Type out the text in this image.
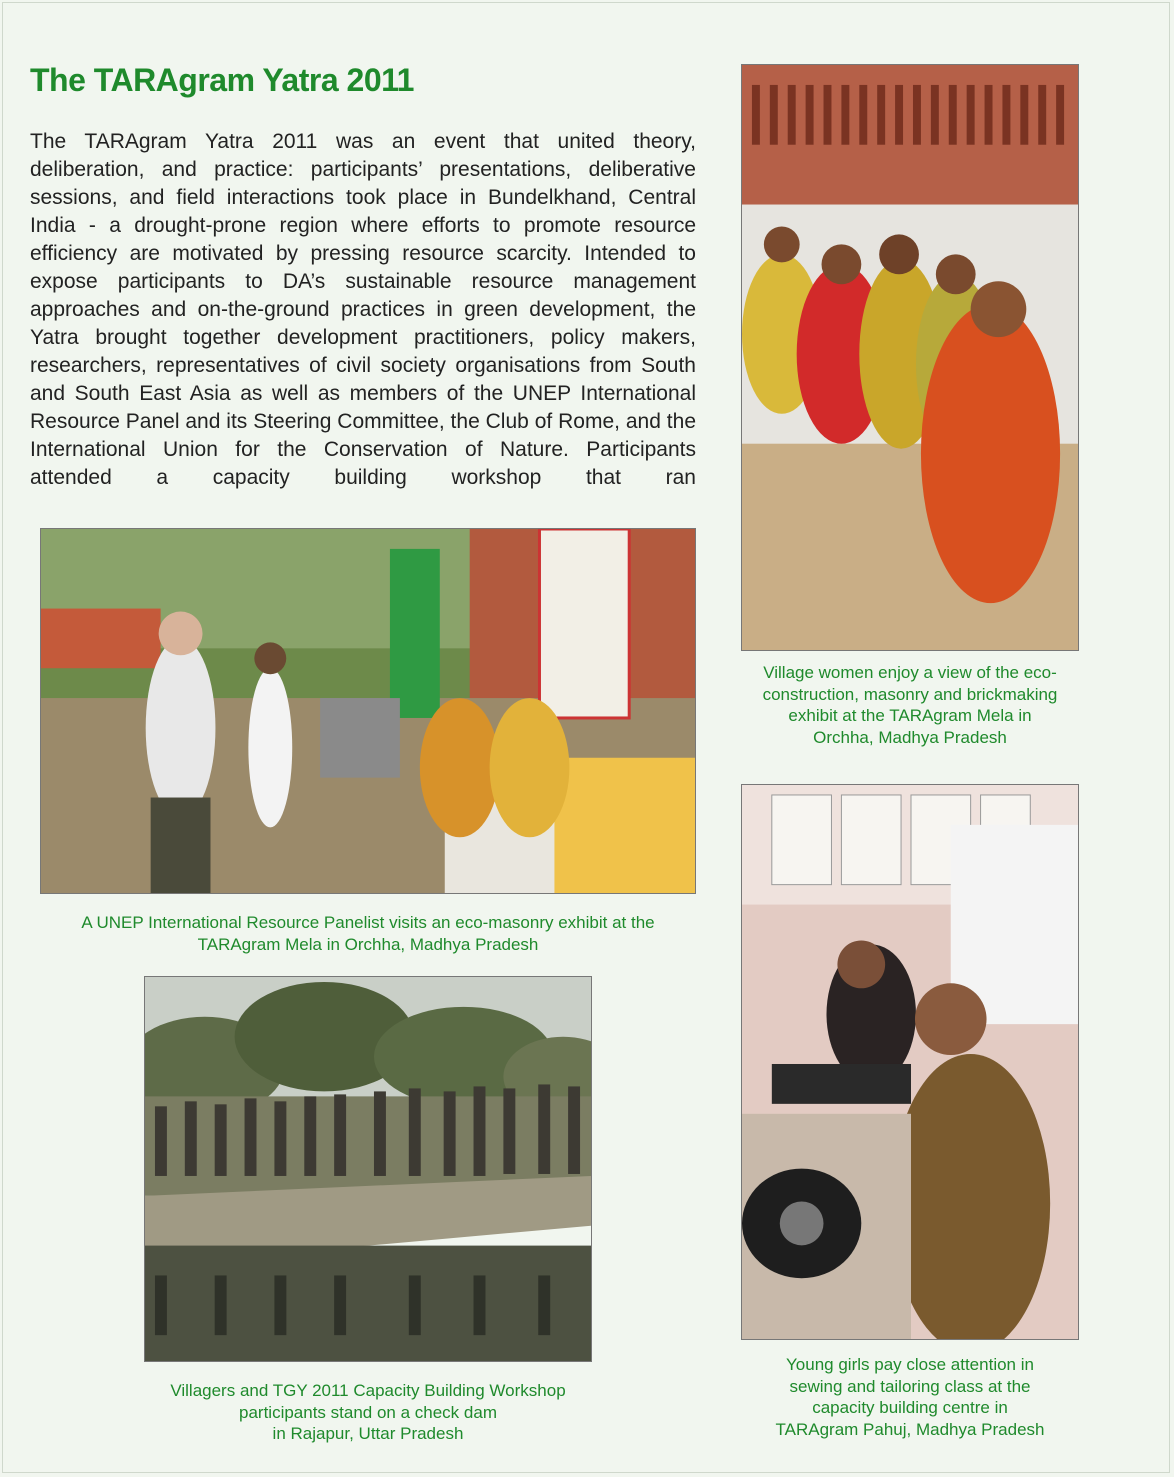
The TARAgram Yatra 2011

The TARAgram Yatra 2011 was an event that united theory, deliberation, and practice: participants’ presentations, deliberative sessions, and field interactions took place in Bundelkhand, Central India - a drought-prone region where efforts to promote resource efficiency are motivated by pressing resource scarcity. Intended to expose participants to DA’s sustainable resource management approaches and on-the-ground practices in green development, the Yatra brought together development practitioners, policy makers, researchers, representatives of civil society organisations from South and South East Asia as well as members of the UNEP International Resource Panel and its Steering Committee, the Club of Rome, and the International Union for the Conservation of Nature. Participants attended a capacity building workshop that ran

Village women enjoy a view of the eco-
construction, masonry and brickmaking
exhibit at the TARAgram Mela in
Orchha, Madhya Pradesh

A UNEP International Resource Panelist visits an eco-masonry exhibit at the
TARAgram Mela in Orchha, Madhya Pradesh

Villagers and TGY 2011 Capacity Building Workshop
participants stand on a check dam
in Rajapur, Uttar Pradesh

Young girls pay close attention in
sewing and tailoring class at the
capacity building centre in
TARAgram Pahuj, Madhya Pradesh
